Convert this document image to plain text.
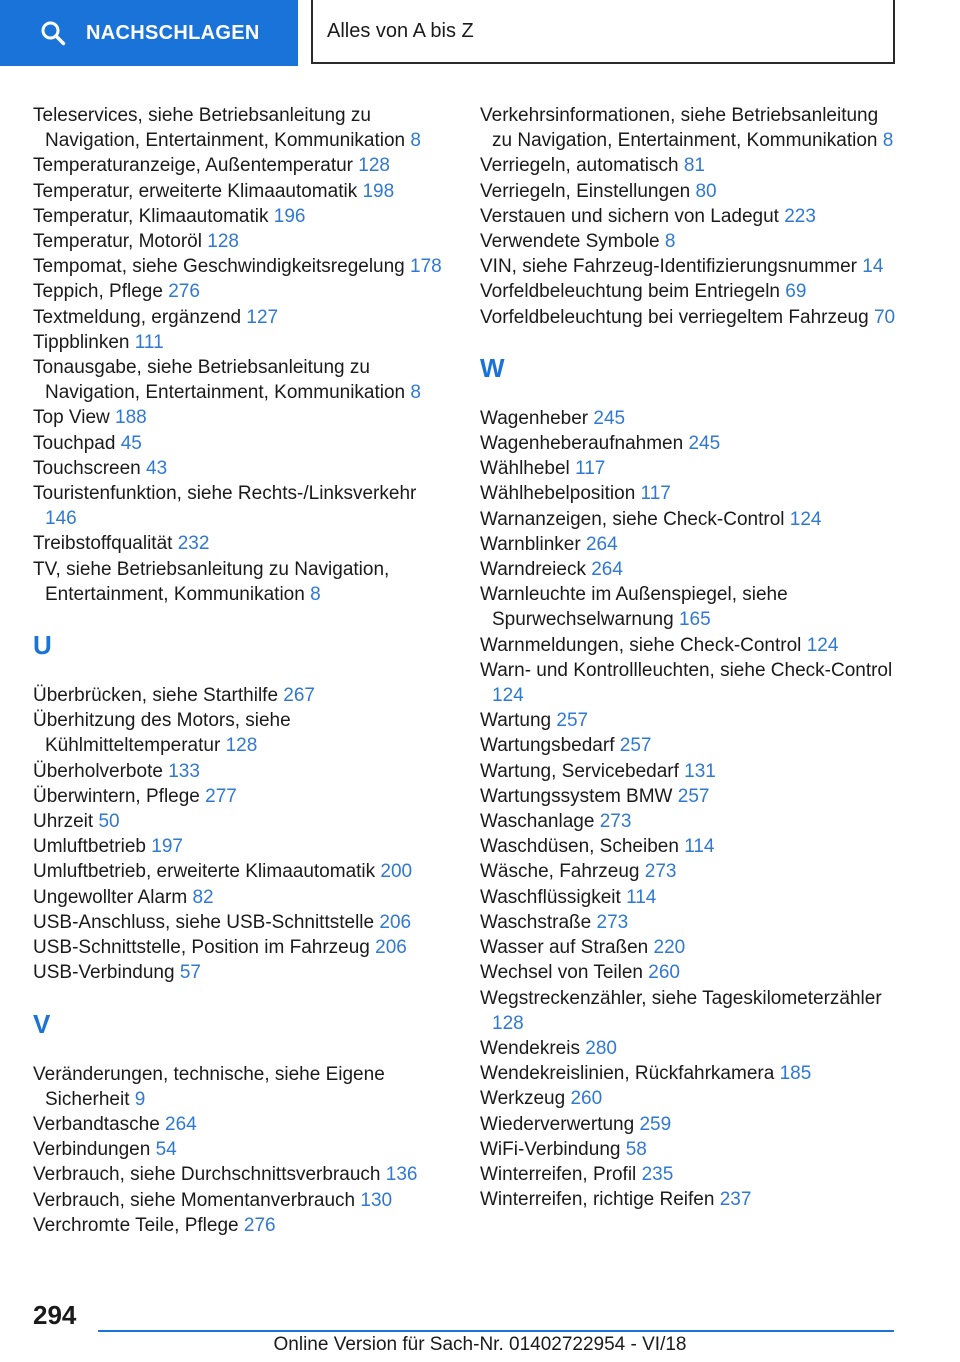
NACHSCHLAGEN	Alles von A bis Z

Teleservices, siehe Betriebsanleitung zu Navigation, Entertainment, Kommunikation 8

Temperaturanzeige, Außentemperatur 128

Temperatur, erweiterte Klimaautomatik 198

Temperatur, Klimaautomatik 196

Temperatur, Motoröl 128

Tempomat, siehe Geschwindigkeitsregelung 178

Teppich, Pflege 276

Textmeldung, ergänzend 127

Tippblinken 111

Tonausgabe, siehe Betriebsanleitung zu Navigation, Entertainment, Kommunikation 8

Top View 188

Touchpad 45

Touchscreen 43

Touristenfunktion, siehe Rechts-/Linksverkehr 146

Treibstoffqualität 232

TV, siehe Betriebsanleitung zu Navigation, Entertainment, Kommunikation 8

U

Überbrücken, siehe Starthilfe 267

Überhitzung des Motors, siehe Kühlmitteltemperatur 128

Überholverbote 133

Überwintern, Pflege 277

Uhrzeit 50

Umluftbetrieb 197

Umluftbetrieb, erweiterte Klimaautomatik 200

Ungewollter Alarm 82

USB-Anschluss, siehe USB-Schnittstelle 206

USB-Schnittstelle, Position im Fahrzeug 206

USB-Verbindung 57

V

Veränderungen, technische, siehe Eigene Sicherheit 9

Verbandtasche 264

Verbindungen 54

Verbrauch, siehe Durchschnittsverbrauch 136

Verbrauch, siehe Momentanverbrauch 130

Verchromte Teile, Pflege 276

Verkehrsinformationen, siehe Betriebsanleitung zu Navigation, Entertainment, Kommunikation 8

Verriegeln, automatisch 81

Verriegeln, Einstellungen 80

Verstauen und sichern von Ladegut 223

Verwendete Symbole 8

VIN, siehe Fahrzeug-Identifizierungsnummer 14

Vorfeldbeleuchtung beim Entriegeln 69

Vorfeldbeleuchtung bei verriegeltem Fahrzeug 70

W

Wagenheber 245

Wagenheberaufnahmen 245

Wählhebel 117

Wählhebelposition 117

Warnanzeigen, siehe Check-Control 124

Warnblinker 264

Warndreieck 264

Warnleuchte im Außenspiegel, siehe Spurwechselwarnung 165

Warnmeldungen, siehe Check-Control 124

Warn- und Kontrollleuchten, siehe Check-Control 124

Wartung 257

Wartungsbedarf 257

Wartung, Servicebedarf 131

Wartungssystem BMW 257

Waschanlage 273

Waschdüsen, Scheiben 114

Wäsche, Fahrzeug 273

Waschflüssigkeit 114

Waschstraße 273

Wasser auf Straßen 220

Wechsel von Teilen 260

Wegstreckenzähler, siehe Tageskilometerzähler 128

Wendekreis 280

Wendekreislinien, Rückfahrkamera 185

Werkzeug 260

Wiederverwertung 259

WiFi-Verbindung 58

Winterreifen, Profil 235

Winterreifen, richtige Reifen 237

294
Online Version für Sach-Nr. 01402722954 - VI/18
